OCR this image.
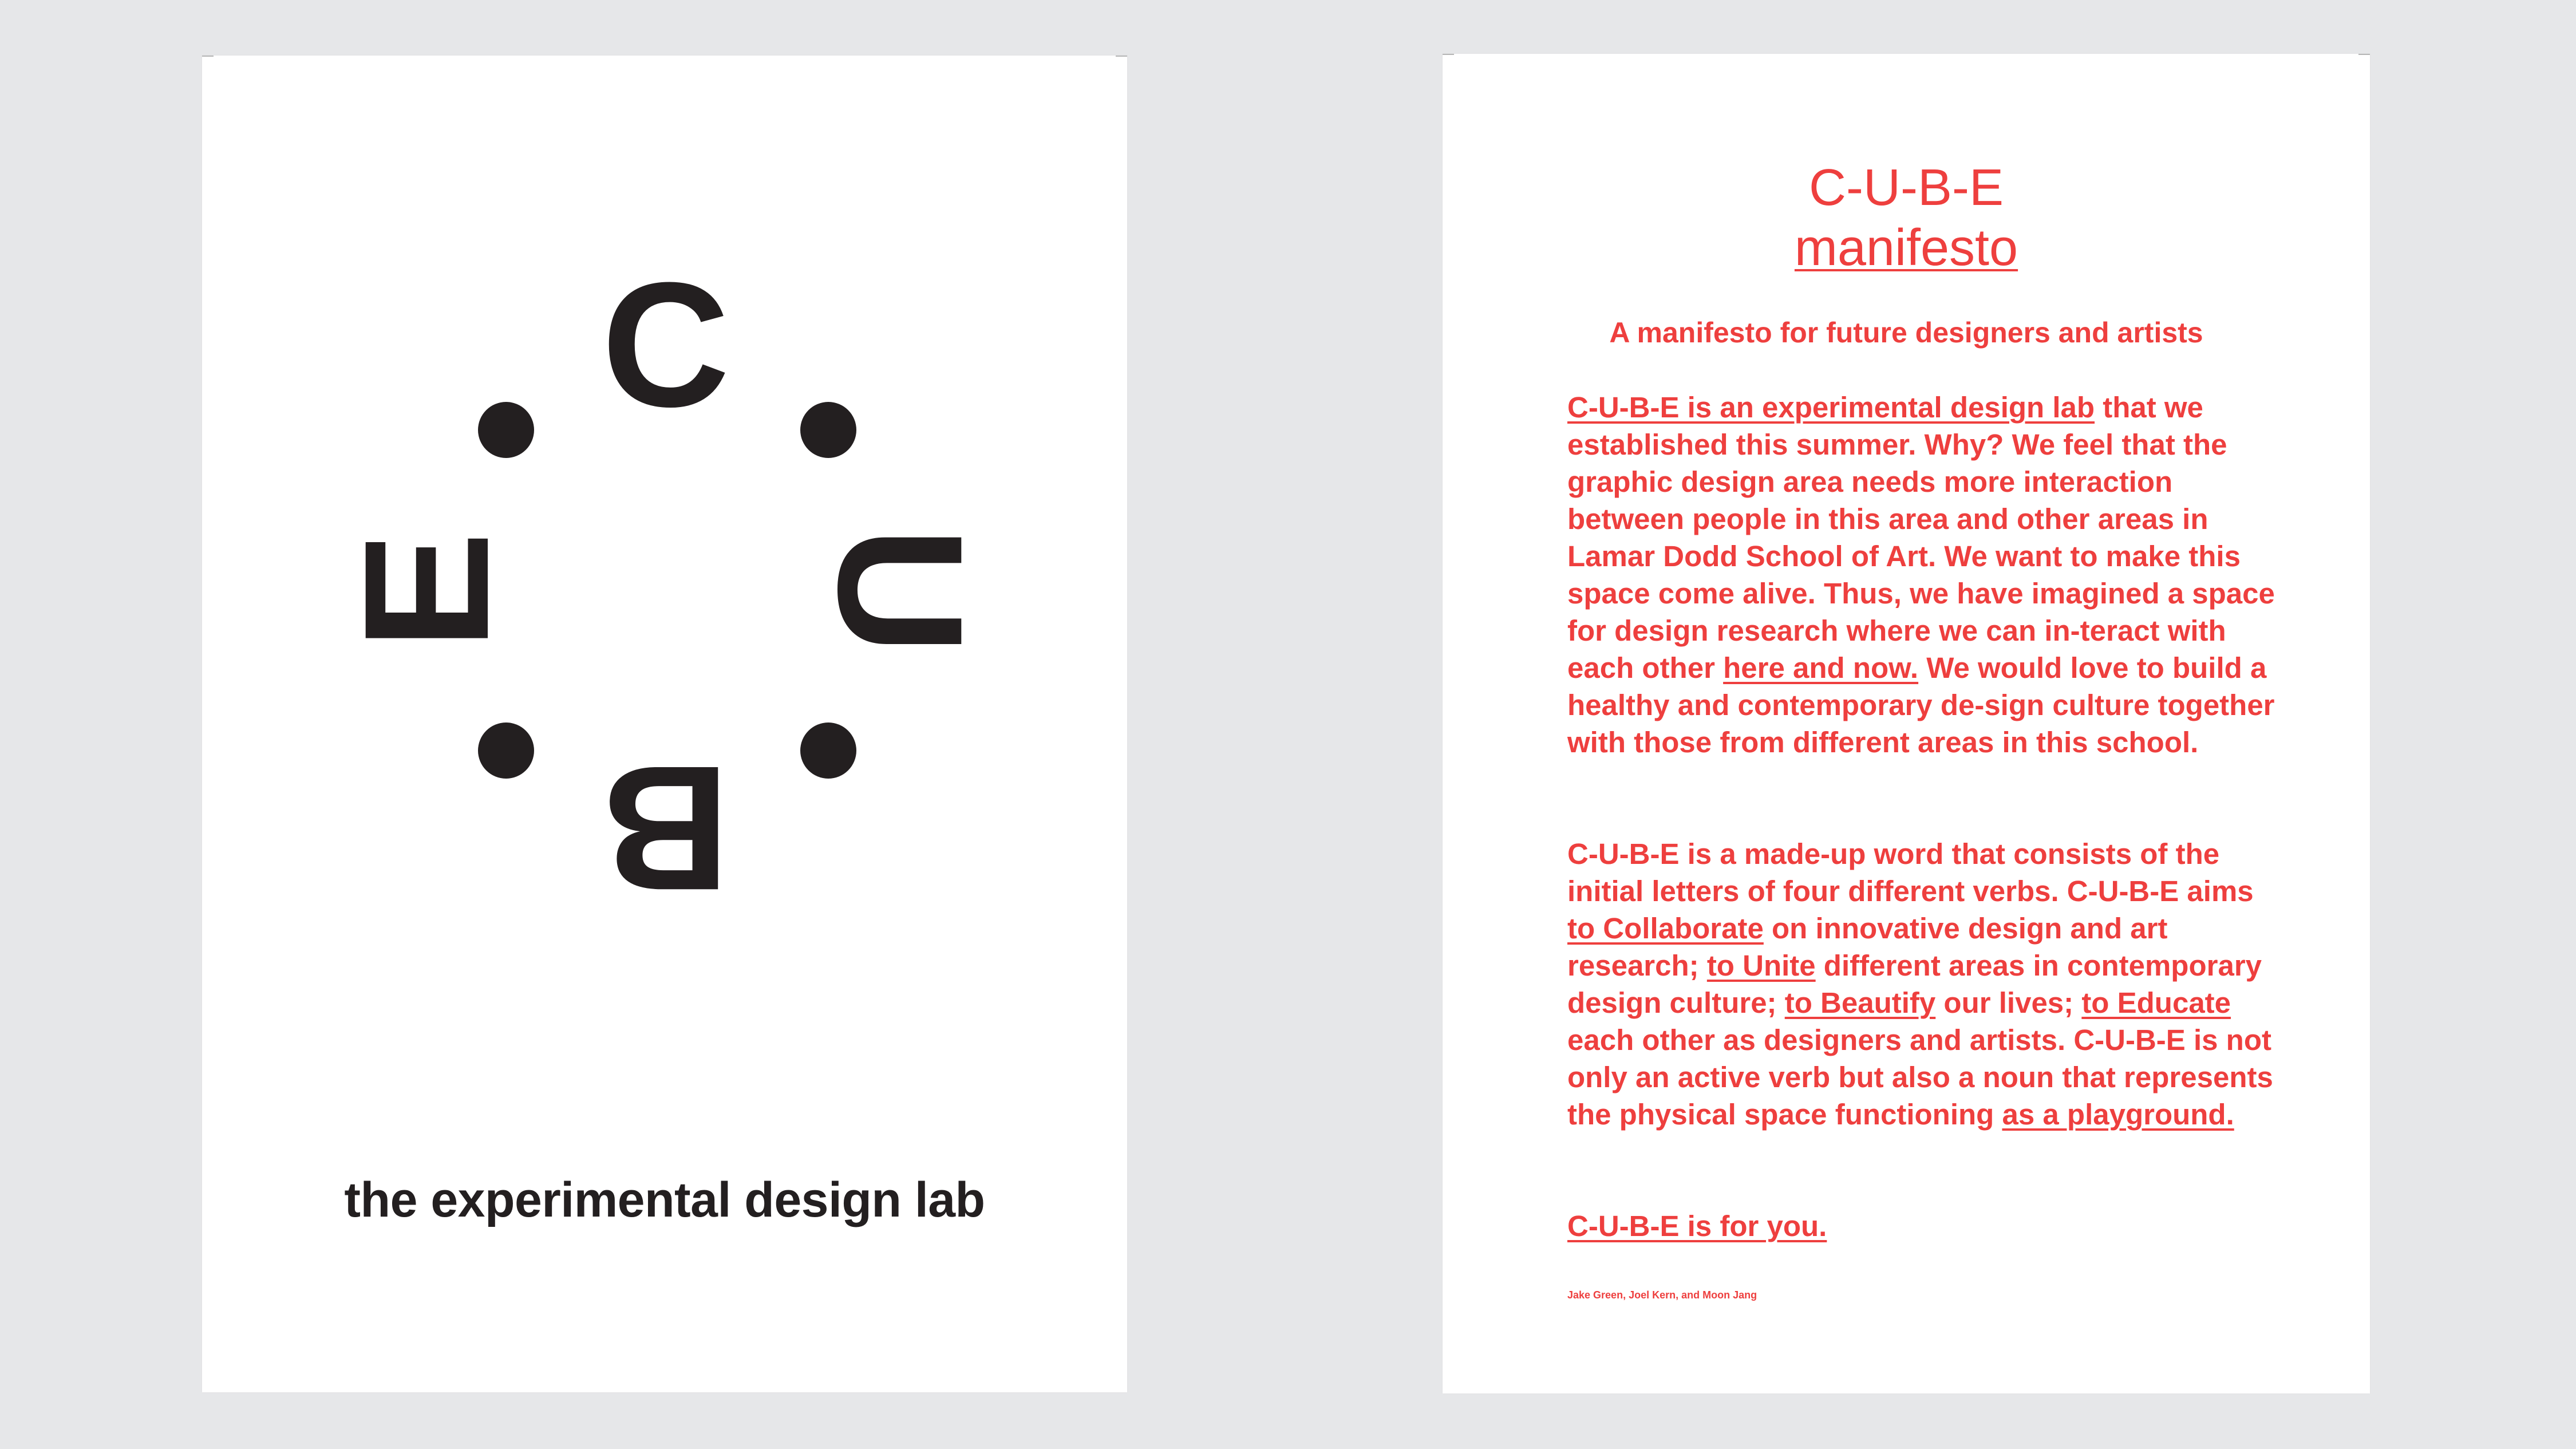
C
U
B
E
the experimental design lab
C-U-B-E
manifesto
A manifesto for future designers and artists

C-U-B-E is an experimental design lab that we established this summer. Why? We feel that the graphic design area needs more interaction between people in this area and other areas in Lamar Dodd School of Art. We want to make this space come alive. Thus, we have imagined a space for design research where we can in-teract with each other here and now. We would love to build a healthy and contemporary de-sign culture together with those from different areas in this school.

C-U-B-E is a made-up word that consists of the initial letters of four different verbs. C-U-B-E aims to Collaborate on innovative design and art research; to Unite different areas in contemporary design culture; to Beautify our lives; to Educate each other as designers and artists. C-U-B-E is not only an active verb but also a noun that represents the physical space functioning as a playground.

C-U-B-E is for you.
Jake Green, Joel Kern, and Moon Jang
